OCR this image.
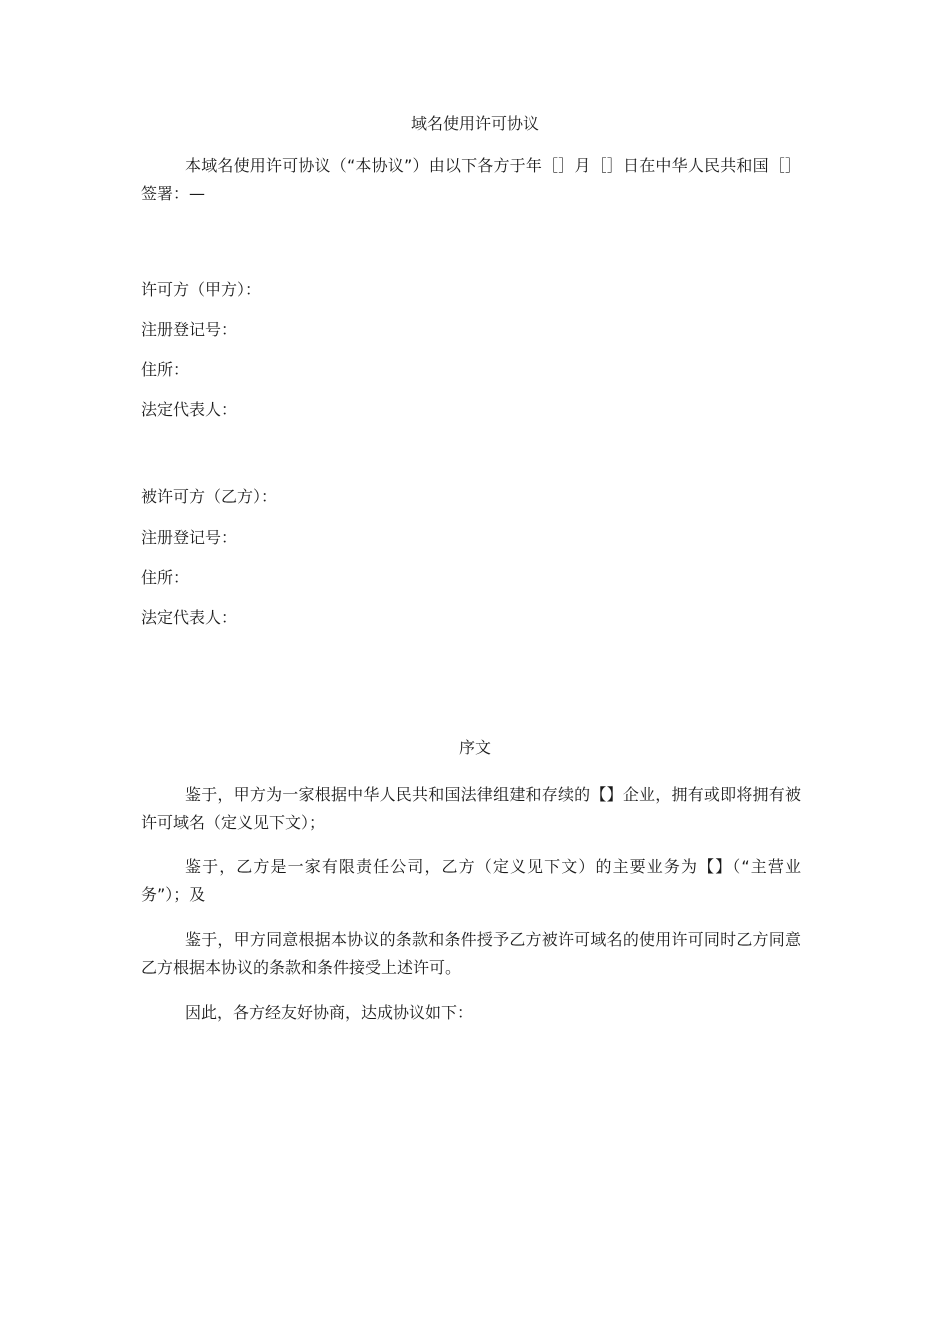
域名使用许可协议

本域名使用许可协议（“本协议”）由以下各方于年［］月［］日在中华人民共和国［］签署：—

许可方（甲方）：

注册登记号：

住所：

法定代表人：

被许可方（乙方）：

注册登记号：

住所：

法定代表人：

序文

鉴于，甲方为一家根据中华人民共和国法律组建和存续的【】企业，拥有或即将拥有被许可域名（定义见下文）；

鉴于，乙方是一家有限责任公司，乙方（定义见下文）的主要业务为【】（“主营业务”）；及

鉴于，甲方同意根据本协议的条款和条件授予乙方被许可域名的使用许可同时乙方同意乙方根据本协议的条款和条件接受上述许可。

因此，各方经友好协商，达成协议如下：
